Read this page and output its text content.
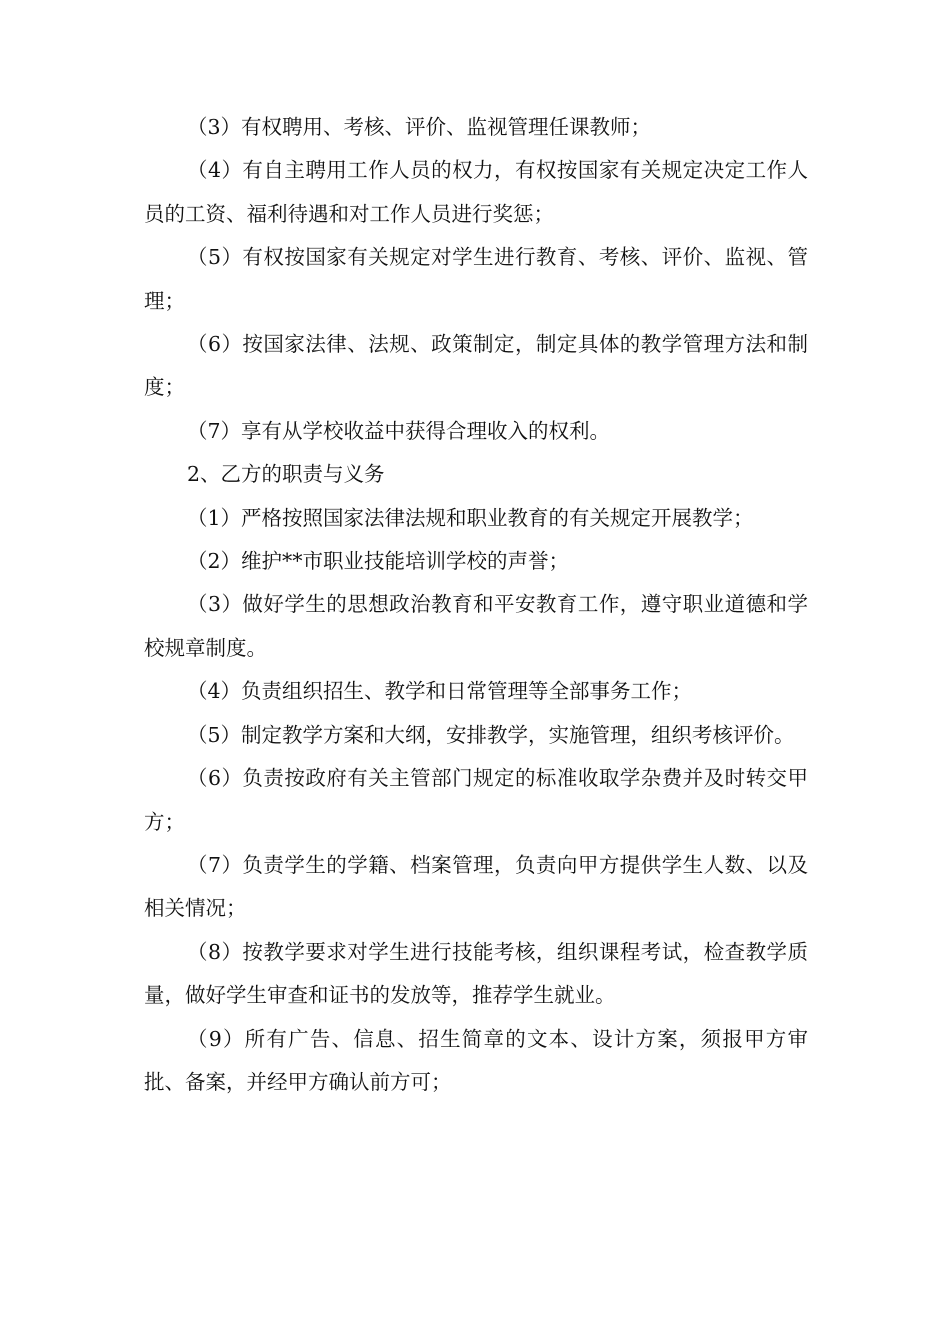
（3）有权聘用、考核、评价、监视管理任课教师；

（4）有自主聘用工作人员的权力，有权按国家有关规定决定工作人员的工资、福利待遇和对工作人员进行奖惩；

（5）有权按国家有关规定对学生进行教育、考核、评价、监视、管理；

（6）按国家法律、法规、政策制定，制定具体的教学管理方法和制度；

（7）享有从学校收益中获得合理收入的权利。

2、乙方的职责与义务

（1）严格按照国家法律法规和职业教育的有关规定开展教学；

（2）维护**市职业技能培训学校的声誉；

（3）做好学生的思想政治教育和平安教育工作，遵守职业道德和学校规章制度。

（4）负责组织招生、教学和日常管理等全部事务工作；

（5）制定教学方案和大纲，安排教学，实施管理，组织考核评价。

（6）负责按政府有关主管部门规定的标准收取学杂费并及时转交甲方；

（7）负责学生的学籍、档案管理，负责向甲方提供学生人数、以及相关情况；

（8）按教学要求对学生进行技能考核，组织课程考试，检查教学质量，做好学生审查和证书的发放等，推荐学生就业。

（9）所有广告、信息、招生简章的文本、设计方案，须报甲方审批、备案，并经甲方确认前方可；
